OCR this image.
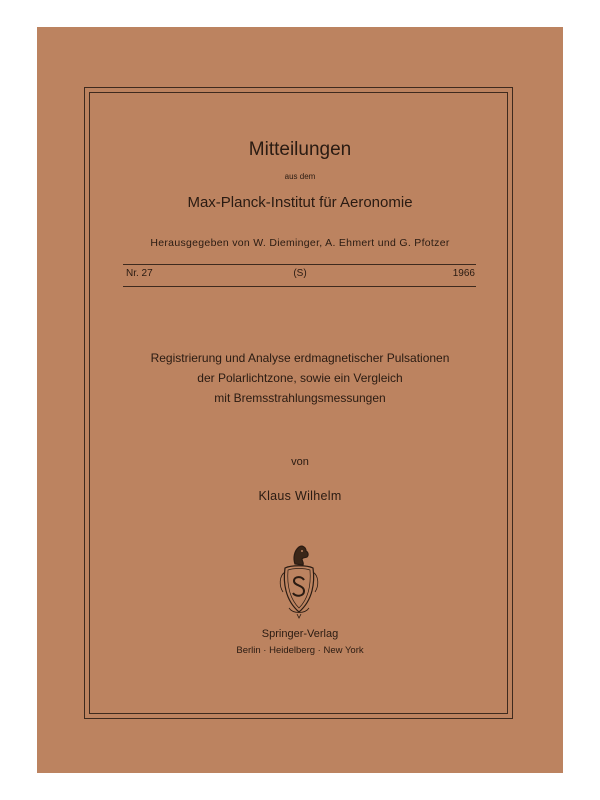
Mitteilungen
aus dem
Max-Planck-Institut für Aeronomie
Herausgegeben von W. Dieminger, A. Ehmert und G. Pfotzer
Nr. 27	(S)	1966
Registrierung und Analyse erdmagnetischer Pulsationen
der Polarlichtzone, sowie ein Vergleich
mit Bremsstrahlungsmessungen
von
Klaus Wilhelm
Springer-Verlag
Berlin · Heidelberg · New York
